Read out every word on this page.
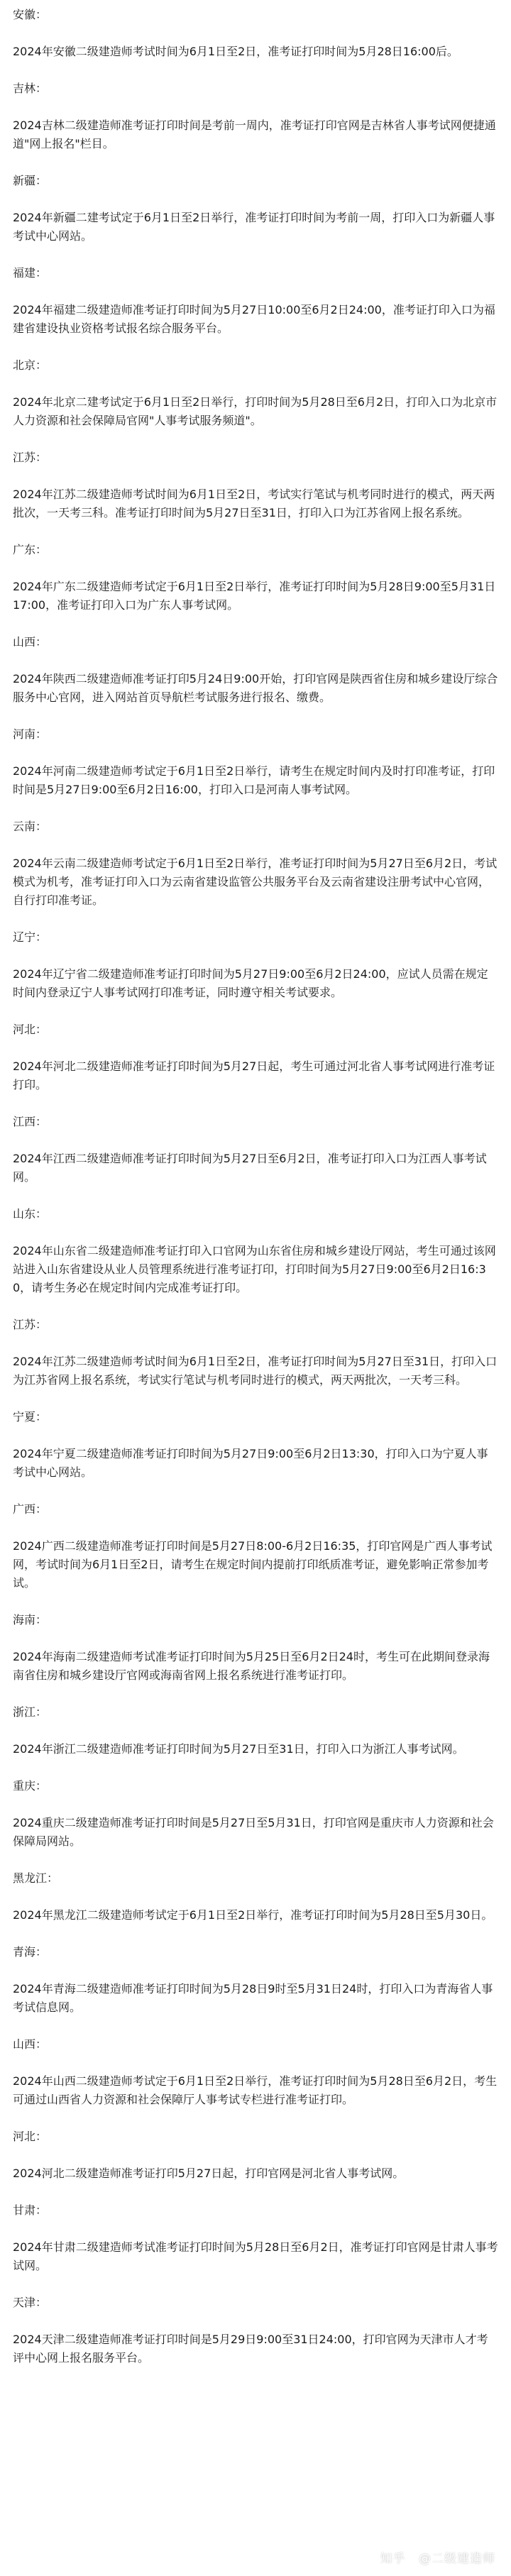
安徽：

2024年安徽二级建造师考试时间为6月1日至2日，准考证打印时间为5月28日16:00后。

吉林：

2024吉林二级建造师准考证打印时间是考前一周内，准考证打印官网是吉林省人事考试网便捷通道"网上报名"栏目。

新疆：

2024年新疆二建考试定于6月1日至2日举行，准考证打印时间为考前一周，打印入口为新疆人事考试中心网站。

福建：

2024年福建二级建造师准考证打印时间为5月27日10:00至6月2日24:00，准考证打印入口为福建省建设执业资格考试报名综合服务平台。

北京：

2024年北京二建考试定于6月1日至2日举行，打印时间为5月28日至6月2日，打印入口为北京市人力资源和社会保障局官网"人事考试服务频道"。

江苏：

2024年江苏二级建造师考试时间为6月1日至2日，考试实行笔试与机考同时进行的模式，两天两批次，一天考三科。准考证打印时间为5月27日至31日，打印入口为江苏省网上报名系统。

广东：

2024年广东二级建造师考试定于6月1日至2日举行，准考证打印时间为5月28日9:00至5月31日17:00，准考证打印入口为广东人事考试网。

山西：

2024年陕西二级建造师准考证打印5月24日9:00开始，打印官网是陕西省住房和城乡建设厅综合服务中心官网，进入网站首页导航栏考试服务进行报名、缴费。

河南：

2024年河南二级建造师考试定于6月1日至2日举行，请考生在规定时间内及时打印准考证，打印时间是5月27日9:00至6月2日16:00，打印入口是河南人事考试网。

云南：

2024年云南二级建造师考试定于6月1日至2日举行，准考证打印时间为5月27日至6月2日，考试模式为机考，准考证打印入口为云南省建设监管公共服务平台及云南省建设注册考试中心官网，自行打印准考证。

辽宁：

2024年辽宁省二级建造师准考证打印时间为5月27日9:00至6月2日24:00，应试人员需在规定时间内登录辽宁人事考试网打印准考证，同时遵守相关考试要求。

河北：

2024年河北二级建造师准考证打印时间为5月27日起，考生可通过河北省人事考试网进行准考证打印。

江西：

2024年江西二级建造师准考证打印时间为5月27日至6月2日，准考证打印入口为江西人事考试网。

山东：

2024年山东省二级建造师准考证打印入口官网为山东省住房和城乡建设厅网站，考生可通过该网站进入山东省建设从业人员管理系统进行准考证打印，打印时间为5月27日9:00至6月2日16:30，请考生务必在规定时间内完成准考证打印。

江苏：

2024年江苏二级建造师考试时间为6月1日至2日，准考证打印时间为5月27日至31日，打印入口为江苏省网上报名系统，考试实行笔试与机考同时进行的模式，两天两批次，一天考三科。

宁夏：

2024年宁夏二级建造师准考证打印时间为5月27日9:00至6月2日13:30，打印入口为宁夏人事考试中心网站。

广西：

2024广西二级建造师准考证打印时间是5月27日8:00-6月2日16:35，打印官网是广西人事考试网，考试时间为6月1日至2日，请考生在规定时间内提前打印纸质准考证，避免影响正常参加考试。

海南：

2024年海南二级建造师考试准考证打印时间为5月25日至6月2日24时，考生可在此期间登录海南省住房和城乡建设厅官网或海南省网上报名系统进行准考证打印。

浙江：

2024年浙江二级建造师准考证打印时间为5月27日至31日，打印入口为浙江人事考试网。

重庆：

2024重庆二级建造师准考证打印时间是5月27日至5月31日，打印官网是重庆市人力资源和社会保障局网站。

黑龙江：

2024年黑龙江二级建造师考试定于6月1日至2日举行，准考证打印时间为5月28日至5月30日。

青海：

2024年青海二级建造师准考证打印时间为5月28日9时至5月31日24时，打印入口为青海省人事考试信息网。

山西：

2024年山西二级建造师考试定于6月1日至2日举行，准考证打印时间为5月28日至6月2日，考生可通过山西省人力资源和社会保障厅人事考试专栏进行准考证打印。

河北：

2024河北二级建造师准考证打印5月27日起，打印官网是河北省人事考试网。

甘肃：

2024年甘肃二级建造师考试准考证打印时间为5月28日至6月2日，准考证打印官网是甘肃人事考试网。

天津：

2024天津二级建造师准考证打印时间是5月29日9:00至31日24:00，打印官网为天津市人才考评中心网上报名服务平台。

知乎 @二级建造师
